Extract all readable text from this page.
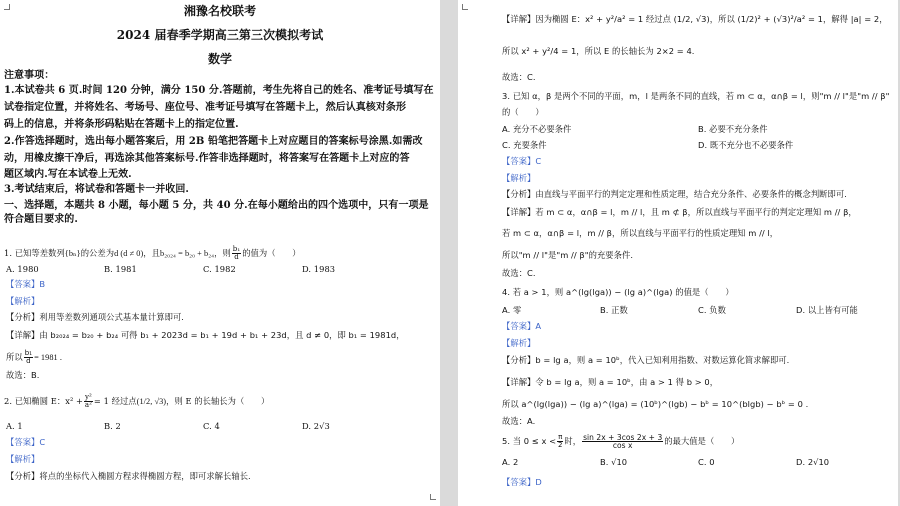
湘豫名校联考
2024 届春季学期高三第三次模拟考试
数学
注意事项：
1.本试卷共 6 页.时间 120 分钟，满分 150 分.答题前，考生先将自己的姓名、准考证号填写在
试卷指定位置，并将姓名、考场号、座位号、准考证号填写在答题卡上，然后认真核对条形
码上的信息，并将条形码粘贴在答题卡上的指定位置.
2.作答选择题时，选出每小题答案后，用 2B 铅笔把答题卡上对应题目的答案标号涂黑.如需改
动，用橡皮擦干净后，再选涂其他答案标号.作答非选择题时，将答案写在答题卡上对应的答
题区域内.写在本试卷上无效.
3.考试结束后，将试卷和答题卡一并收回.
一、选择题，本题共 8 小题，每小题 5 分，共 40 分.在每小题给出的四个选项中，只有一项是
符合题目要求的.
1. 已知等差数列{bₙ}的公差为d (d ≠ 0)，且b₂₀₂₄ = b₂₀ + b₂₄，则 $\frac{\text{b₁}}{d}$ 的值为（　　）
A. 1980	B. 1981	C. 1982	D. 1983
【答案】B
【解析】
【分析】利用等差数列通项公式基本量计算即可.
【详解】由 b₂₀₂₄ = b₂₀ + b₂₄ 可得 b₁ + 2023d = b₁ + 19d + b₁ + 23d，且 d ≠ 0，即 b₁ = 1981d，
所以 $\frac{\text{b₁}}{d} = 1981$ .
故选：B.
2. 已知椭圆 E：$x^2 + \frac{\text{y²}}{\text{a²}} = 1$ 经过点(1/2, √3)，则 E 的长轴长为（　　）
A. 1	B. 2	C. 4	D. 2√3
【答案】C
【解析】
【分析】将点的坐标代入椭圆方程求得椭圆方程，即可求解长轴长.
【详解】因为椭圆 E：x² + y²/a² = 1 经过点 (1/2, √3)，所以 (1/2)² + (√3)²/a² = 1，解得 |a| = 2，
所以 x² + y²/4 = 1，所以 E 的长轴长为 2×2 = 4.
故选：C.
3. 已知 α，β 是两个不同的平面，m，l 是两条不同的直线，若 m ⊂ α，α∩β = l，则"m // l"是"m // β"
的（　　）
A. 充分不必要条件	B. 必要不充分条件
C. 充要条件	D. 既不充分也不必要条件
【答案】C
【解析】
【分析】由直线与平面平行的判定定理和性质定理，结合充分条件、必要条件的概念判断即可.
【详解】若 m ⊂ α，α∩β = l，m // l，且 m ⊄ β，所以直线与平面平行的判定定理知 m // β，
若 m ⊂ α，α∩β = l，m // β，所以直线与平面平行的性质定理知 m // l，
所以"m // l"是"m // β"的充要条件.
故选：C.
4. 若 a > 1，则 a^(lg(lga)) − (lg a)^(lga) 的值是（　　）
A. 零	B. 正数	C. 负数	D. 以上皆有可能
【答案】A
【解析】
【分析】b = lg a，则 a = 10ᵇ，代入已知利用指数、对数运算化简求解即可.
【详解】令 b = lg a，则 a = 10ᵇ，由 a > 1 得 b > 0，
所以 a^(lg(lga)) − (lg a)^(lga) = (10ᵇ)^(lgb) − bᵇ = 10^(blgb) − bᵇ = 0 .
故选：A.
5. 当 $0 \le x < \frac{\pi}{2}$ 时， $\frac{\sin 2x + 3\cos 2x + 3}{\text{cos x}}$ 的最大值是（　　）
A. 2	B. √10	C. 0	D. 2√10
【答案】D
